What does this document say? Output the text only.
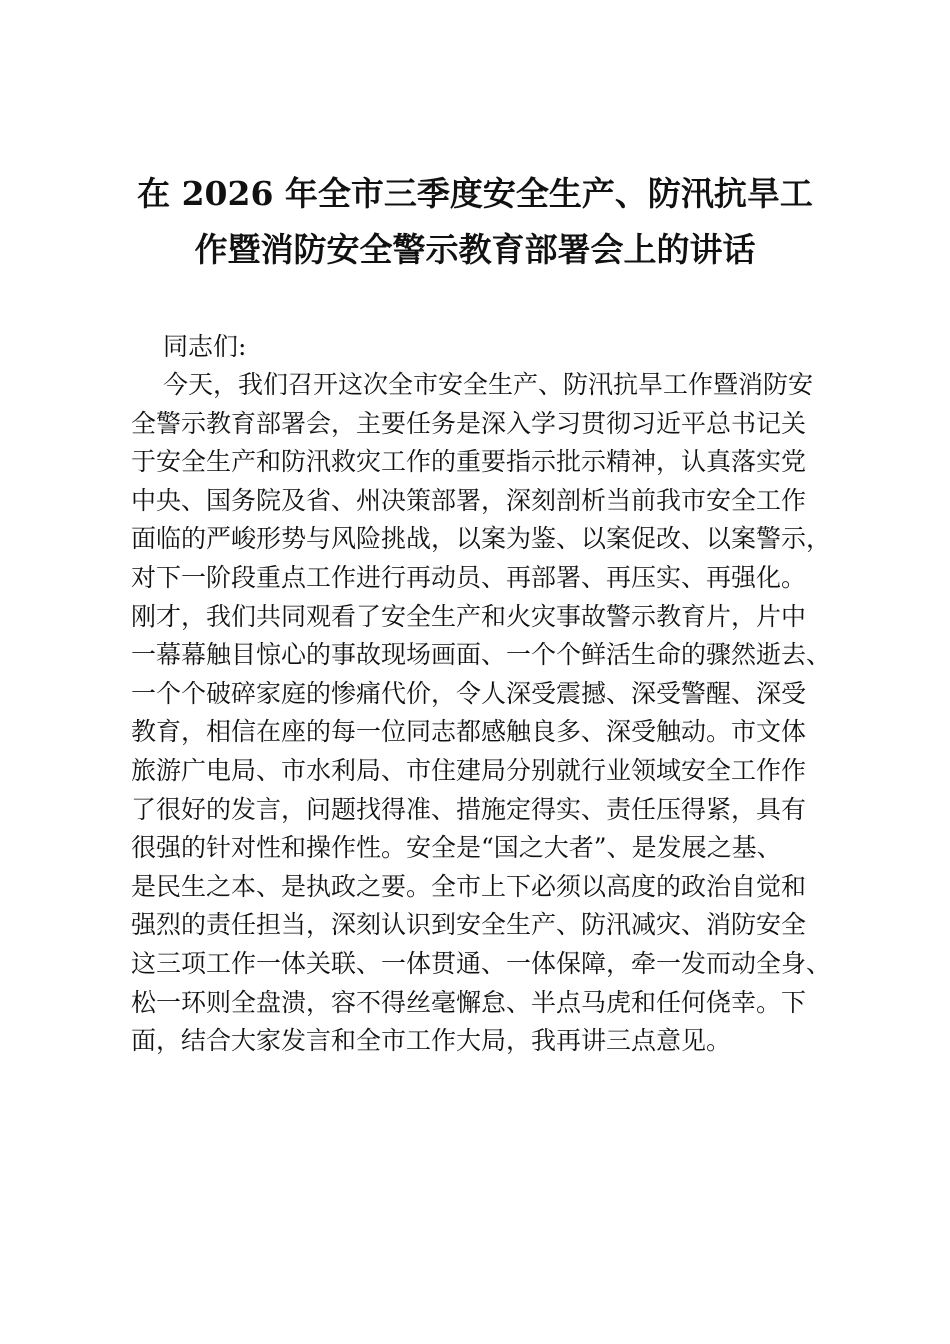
在 2026 年全市三季度安全生产、防汛抗旱工
作暨消防安全警示教育部署会上的讲话

同志们:

今天，我们召开这次全市安全生产、防汛抗旱工作暨消防安
全警示教育部署会，主要任务是深入学习贯彻习近平总书记关
于安全生产和防汛救灾工作的重要指示批示精神，认真落实党
中央、国务院及省、州决策部署，深刻剖析当前我市安全工作
面临的严峻形势与风险挑战，以案为鉴、以案促改、以案警示，
对下一阶段重点工作进行再动员、再部署、再压实、再强化。
刚才，我们共同观看了安全生产和火灾事故警示教育片，片中
一幕幕触目惊心的事故现场画面、一个个鲜活生命的骤然逝去、
一个个破碎家庭的惨痛代价，令人深受震撼、深受警醒、深受
教育，相信在座的每一位同志都感触良多、深受触动。市文体
旅游广电局、市水利局、市住建局分别就行业领域安全工作作
了很好的发言，问题找得准、措施定得实、责任压得紧，具有
很强的针对性和操作性。安全是“国之大者”、是发展之基、
是民生之本、是执政之要。全市上下必须以高度的政治自觉和
强烈的责任担当，深刻认识到安全生产、防汛减灾、消防安全
这三项工作一体关联、一体贯通、一体保障，牵一发而动全身、
松一环则全盘溃，容不得丝毫懈怠、半点马虎和任何侥幸。下
面，结合大家发言和全市工作大局，我再讲三点意见。
